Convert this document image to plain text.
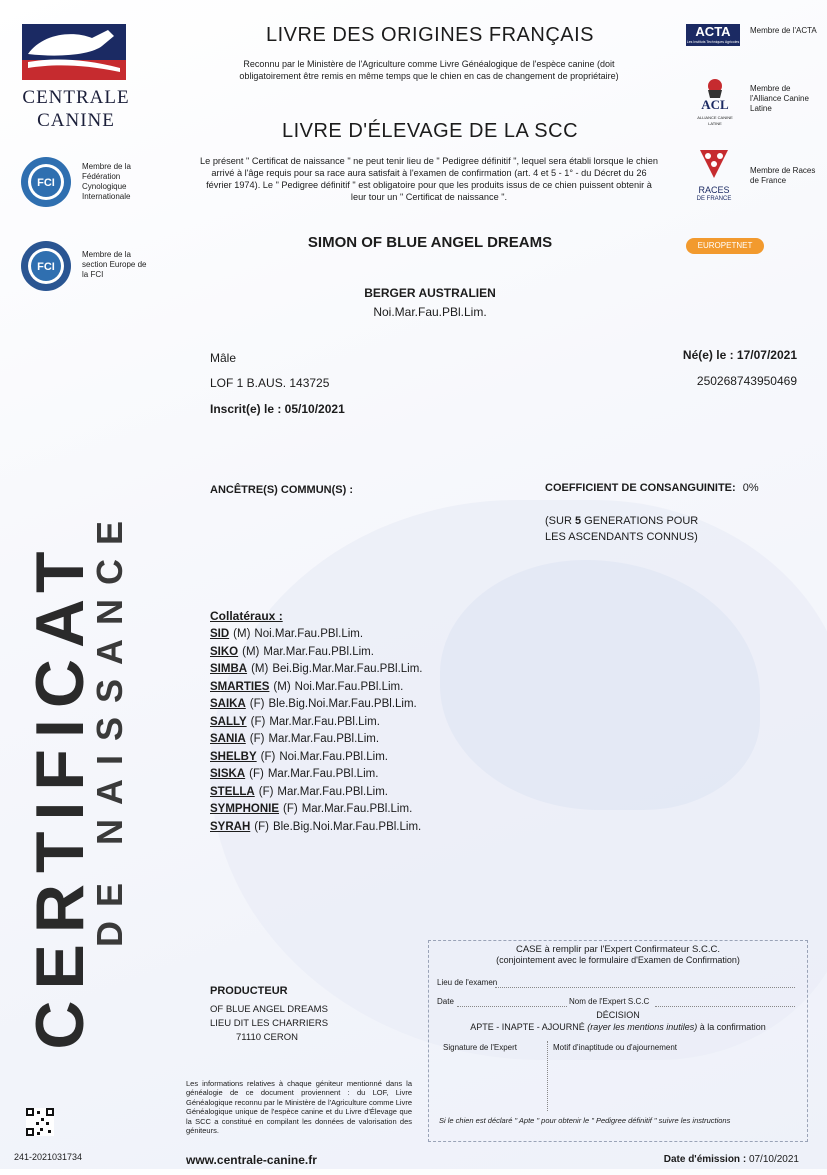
CENTRALE
CANINE
FCI
Membre de la Fédération Cynologique Internationale
FCI
Membre de la section Europe de la FCI
CERTIFICAT
DE NAISSANCE
241-2021031734
LIVRE DES ORIGINES FRANÇAIS
Reconnu par le Ministère de l'Agriculture comme Livre Généalogique de l'espèce canine (doit obligatoirement être remis en même temps que le chien en cas de changement de propriétaire)
LIVRE D'ÉLEVAGE DE LA SCC
Le présent " Certificat de naissance " ne peut tenir lieu de " Pedigree définitif ", lequel sera établi lorsque le chien arrivé à l'âge requis pour sa race aura satisfait à l'examen de confirmation (art. 4 et 5 - 1° - du Décret du 26 février 1974). Le " Pedigree définitif " est obligatoire pour que les produits issus de ce chien puissent obtenir à leur tour un " Certificat de naissance ".
ACTA
Les Instituts Techniques Agricoles
Membre de l'ACTA
ACL
ALLIANCE CANINE LATINE
Membre de l'Alliance Canine Latine
RACES
DE FRANCE
Membre de Races de France
EUROPETNET
SIMON OF BLUE ANGEL DREAMS
BERGER AUSTRALIEN
Noi.Mar.Fau.PBl.Lim.
Mâle
LOF 1 B.AUS. 143725
Inscrit(e) le : 05/10/2021
Né(e) le : 17/07/2021
250268743950469
ANCÊTRE(S) COMMUN(S) :	COEFFICIENT DE CONSANGUINITE: 0%
(SUR 5 GENERATIONS POUR
LES ASCENDANTS CONNUS)
Collatéraux :
SID (M) Noi.Mar.Fau.PBl.Lim.
SIKO (M) Mar.Mar.Fau.PBl.Lim.
SIMBA (M) Bei.Big.Mar.Mar.Fau.PBl.Lim.
SMARTIES (M) Noi.Mar.Fau.PBl.Lim.
SAIKA (F) Ble.Big.Noi.Mar.Fau.PBl.Lim.
SALLY (F) Mar.Mar.Fau.PBl.Lim.
SANIA (F) Mar.Mar.Fau.PBl.Lim.
SHELBY (F) Noi.Mar.Fau.PBl.Lim.
SISKA (F) Mar.Mar.Fau.PBl.Lim.
STELLA (F) Mar.Mar.Fau.PBl.Lim.
SYMPHONIE (F) Mar.Mar.Fau.PBl.Lim.
SYRAH (F) Ble.Big.Noi.Mar.Fau.PBl.Lim.
PRODUCTEUR
OF BLUE ANGEL DREAMS
LIEU DIT LES CHARRIERS
71110 CERON
CASE à remplir par l'Expert Confirmateur S.C.C.
(conjointement avec le formulaire d'Examen de Confirmation)
Lieu de l'examen
Date	Nom de l'Expert S.C.C
DÉCISION
APTE - INAPTE - AJOURNÉ (rayer les mentions inutiles) à la confirmation
Signature de l'Expert	Motif d'inaptitude ou d'ajournement
Si le chien est déclaré " Apte " pour obtenir le " Pedigree définitif " suivre les instructions
Les informations relatives à chaque géniteur mentionné dans la généalogie de ce document proviennent : du LOF, Livre Généalogique reconnu par le Ministère de l'Agriculture comme Livre Généalogique unique de l'espèce canine et du Livre d'Élevage que la SCC a constitué en compilant les données de valorisation des géniteurs.
www.centrale-canine.fr	Date d'émission : 07/10/2021
